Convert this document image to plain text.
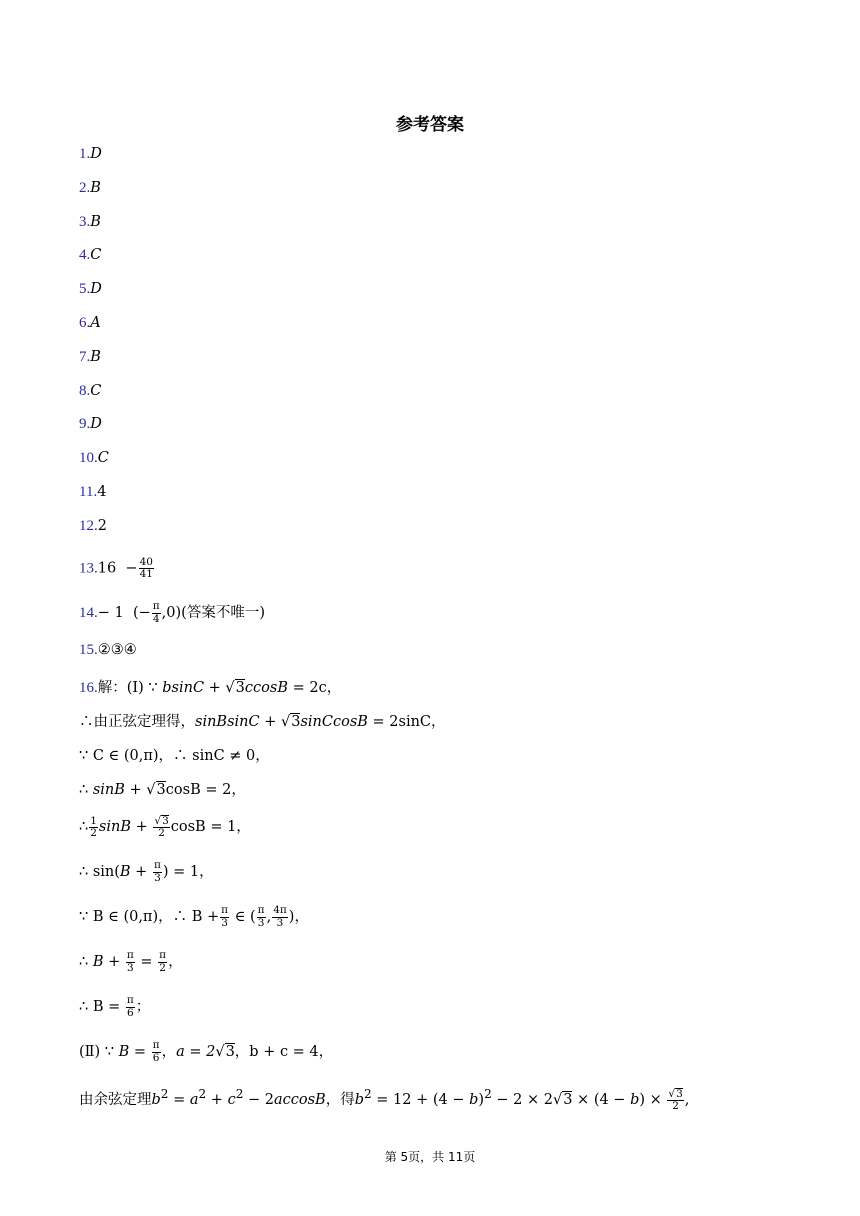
参考答案
1.D
2.B
3.B
4.C
5.D
6.A
7.B
8.C
9.D
10.C
11.4
12.2
$13.16 - \frac{40}{41}$
14.− 1 (− $\frac{\pi}{4} ,0$)(答案不唯一)
15.②③④
16.解：(Ⅰ) ∵ bsinC + √3ccosB = 2c，
∴由正弦定理得，sinBsinC + √3sinCcosB = 2sinC，
∵ C ∈ (0,π)，∴ sinC ≠ 0，
∴ sinB + √3cosB = 2，
∴ $\frac{1}{2}$ $\sin B + \frac{√3}{2}$ cosB = 1，
∴ $\sin(B + \frac{\pi}{3}$ ) = 1，
∵ B ∈ (0,π)，∴ $B + \frac{\pi}{3}$ ∈ ( $\frac{\pi}{3}$ , $\frac{4\pi}{3}$ )，
∴ $B + \frac{\pi}{3} = \frac{\pi}{2}$ ，
∴ $B = \frac{\pi}{6}$ ；
(Ⅱ) ∵ $B = \frac{\pi}{6}$ ，a = 2√3，b + c = 4，
由余弦定理$b^2 = a^2 + c^2 - 2accosB$，得$b^2 = 12 + (4 - b)^2 - 2 \times 2√3 \times (4 - b) \times \frac{√3}{2}$ ,
第 5页，共 11页
